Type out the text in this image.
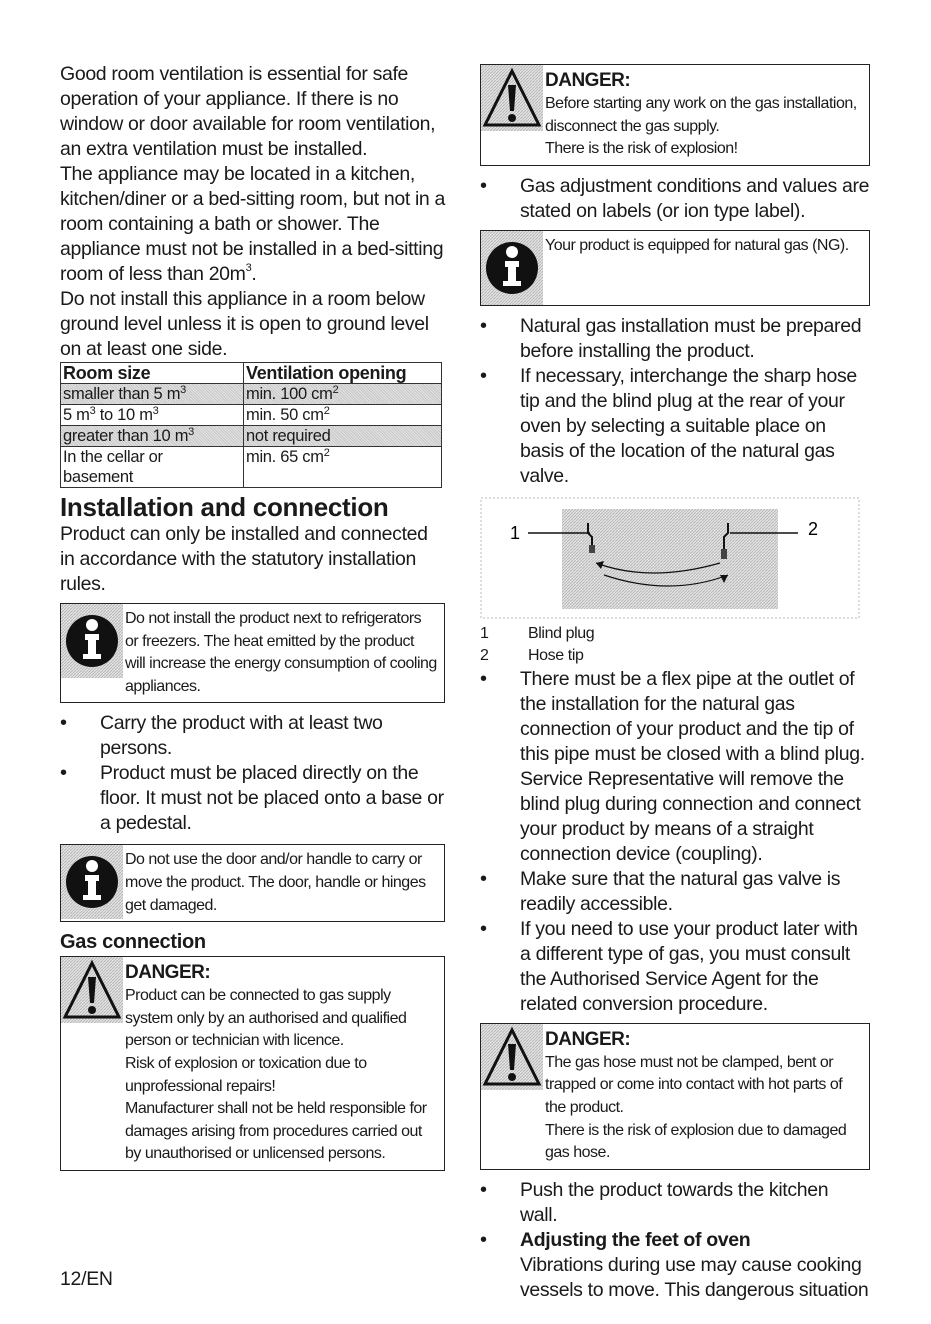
Good room ventilation is essential for safe operation of your appliance. If there is no window or door available for room ventilation, an extra ventilation must be installed.

The appliance may be located in a kitchen, kitchen/diner or a bed-sitting room, but not in a room containing a bath or shower. The appliance must not be installed in a bed-sitting room of less than $20m^3$.

Do not install this appliance in a room below ground level unless it is open to ground level on at least one side.

Room size	Ventilation opening
smaller than 5 $m^3$	min. 100 $cm^2$
5 $m^3$ to 10 $m^3$	min. 50 $cm^2$
greater than 10 $m^3$	not required
In the cellar or basement	min. 65 $cm^2$
Installation and connection

Product can only be installed and connected in accordance with the statutory installation rules.

Do not install the product next to refrigerators or freezers. The heat emitted by the product will increase the energy consumption of cooling appliances.
• Carry the product with at least two persons.
• Product must be placed directly on the floor. It must not be placed onto a base or a pedestal.
Do not use the door and/or handle to carry or move the product. The door, handle or hinges get damaged.
Gas connection
DANGER:
Product can be connected to gas supply system only by an authorised and qualified person or technician with licence.
Risk of explosion or toxication due to unprofessional repairs!
Manufacturer shall not be held responsible for damages arising from procedures carried out by unauthorised or unlicensed persons.
DANGER:
Before starting any work on the gas installation, disconnect the gas supply.
There is the risk of explosion!
• Gas adjustment conditions and values are stated on labels (or ion type label).
Your product is equipped for natural gas (NG).
• Natural gas installation must be prepared before installing the product.
• If necessary, interchange the sharp hose tip and the blind plug at the rear of your oven by selecting a suitable place on basis of the location of the natural gas valve.
1	2
1 Blind plug
2 Hose tip
• There must be a flex pipe at the outlet of the installation for the natural gas connection of your product and the tip of this pipe must be closed with a blind plug. Service Representative will remove the blind plug during connection and connect your product by means of a straight connection device (coupling).
• Make sure that the natural gas valve is readily accessible.
• If you need to use your product later with a different type of gas, you must consult the Authorised Service Agent for the related conversion procedure.
DANGER:
The gas hose must not be clamped, bent or trapped or come into contact with hot parts of the product.
There is the risk of explosion due to damaged gas hose.
• Push the product towards the kitchen wall.
• Adjusting the feet of oven
Vibrations during use may cause cooking vessels to move. This dangerous situation
12/EN
